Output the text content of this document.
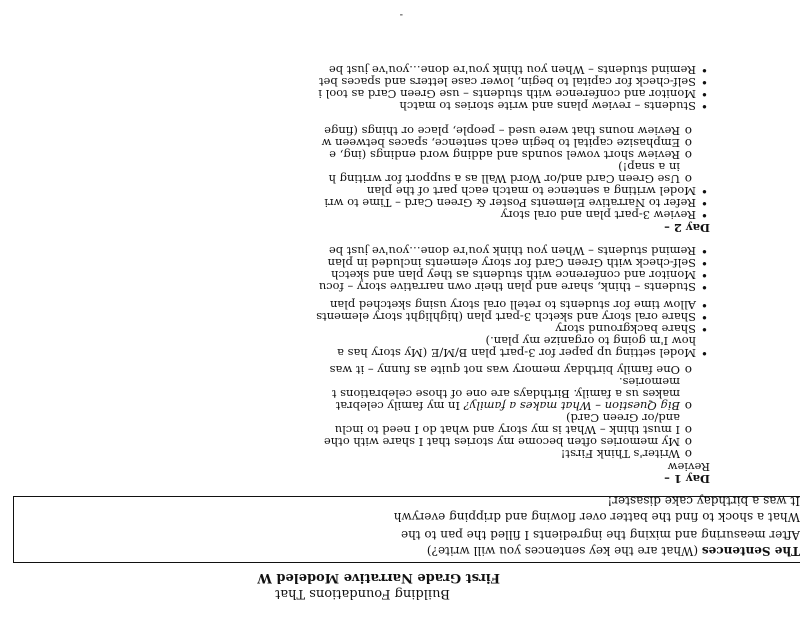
Building Foundations That
First Grade Narrative Modeled W
The Sentences (What are the key sentences you will write?)
After measuring and mixing the ingredients I filled the pan to the
What a shock to find the batter over flowing and dripping everywh
It was a birthday cake disaster!
Day 1 –
Review
o
Writer's Think First!
o
My memories often become my stories that I share with othe
o
I must think – What is my story and what do I need to inclu
and/or Green Card)
o
Big Question – What makes a family? In my family celebrat
makes us a family. Birthdays are one of those celebrations t
memories.
o
One family birthday memory was not quite as funny – it was
•
Model setting up paper for 3-part plan B/M/E (My story has a
how I'm going to organize my plan.)
•
Share background story
•
Share oral story and sketch 3-part plan (highlight story elements
•
Allow time for students to retell oral story using sketched plan
•
Students – think, share and plan their own narrative story – focu
•
Monitor and conference with students as they plan and sketch
•
Self-check with Green Card for story elements included in plan
•
Remind students – When you think you're done…you've just be
Day 2 –
•
Review 3-part plan and oral story
•
Refer to Narrative Elements Poster & Green Card – Time to wri
•
Model writing a sentence to match each part of the plan
o
Use Green Card and/or Word Wall as a support for writing h
in a snap!)
o
Review short vowel sounds and adding word endings (ing, e
o
Emphasize capital to begin each sentence, spaces between w
o
Review nouns that were used – people, place or things (finge
•
Students – review plans and write stories to match
•
Monitor and conference with students – use Green Card as tool i
•
Self-check for capital to begin, lower case letters and spaces bet
•
Remind students – When you think you're done…you've just be
-
